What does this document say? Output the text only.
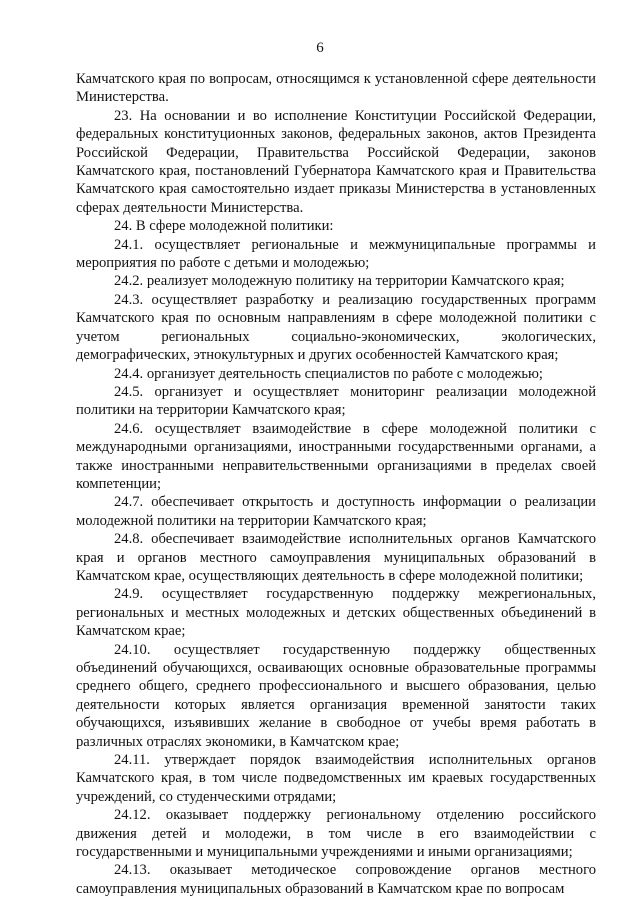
6

Камчатского края по вопросам, относящимся к установленной сфере деятельности Министерства.

23. На основании и во исполнение Конституции Российской Федерации, федеральных конституционных законов, федеральных законов, актов Президента Российской Федерации, Правительства Российской Федерации, законов Камчатского края, постановлений Губернатора Камчатского края и Правительства Камчатского края самостоятельно издает приказы Министерства в установленных сферах деятельности Министерства.

24. В сфере молодежной политики:

24.1. осуществляет региональные и межмуниципальные программы и мероприятия по работе с детьми и молодежью;

24.2. реализует молодежную политику на территории Камчатского края;

24.3. осуществляет разработку и реализацию государственных программ Камчатского края по основным направлениям в сфере молодежной политики с учетом региональных социально-экономических, экологических, демографических, этнокультурных и других особенностей Камчатского края;

24.4. организует деятельность специалистов по работе с молодежью;

24.5. организует и осуществляет мониторинг реализации молодежной политики на территории Камчатского края;

24.6. осуществляет взаимодействие в сфере молодежной политики с международными организациями, иностранными государственными органами, а также иностранными неправительственными организациями в пределах своей компетенции;

24.7. обеспечивает открытость и доступность информации о реализации молодежной политики на территории Камчатского края;

24.8. обеспечивает взаимодействие исполнительных органов Камчатского края и органов местного самоуправления муниципальных образований в Камчатском крае, осуществляющих деятельность в сфере молодежной политики;

24.9. осуществляет государственную поддержку межрегиональных, региональных и местных молодежных и детских общественных объединений в Камчатском крае;

24.10. осуществляет государственную поддержку общественных объединений обучающихся, осваивающих основные образовательные программы среднего общего, среднего профессионального и высшего образования, целью деятельности которых является организация временной занятости таких обучающихся, изъявивших желание в свободное от учебы время работать в различных отраслях экономики, в Камчатском крае;

24.11. утверждает порядок взаимодействия исполнительных органов Камчатского края, в том числе подведомственных им краевых государственных учреждений, со студенческими отрядами;

24.12. оказывает поддержку региональному отделению российского движения детей и молодежи, в том числе в его взаимодействии с государственными и муниципальными учреждениями и иными организациями;

24.13. оказывает методическое сопровождение органов местного самоуправления муниципальных образований в Камчатском крае по вопросам
